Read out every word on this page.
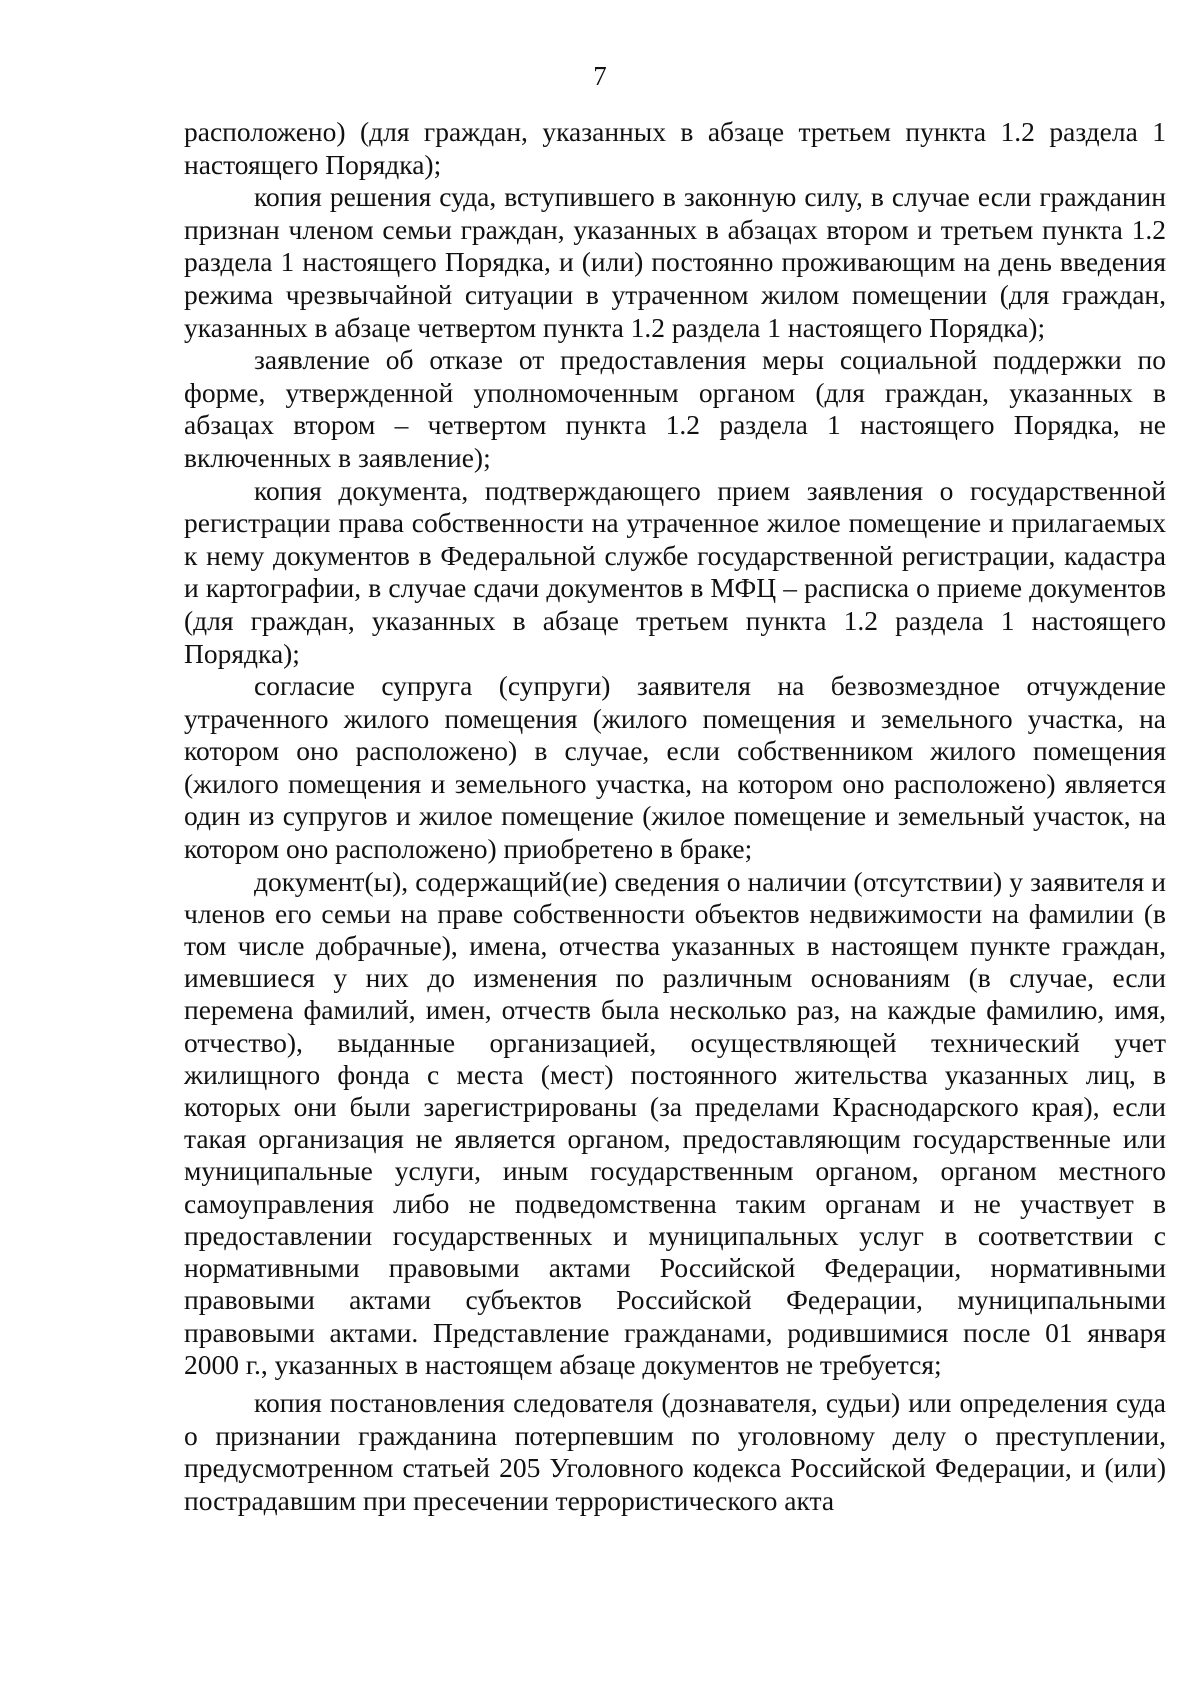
7

расположено) (для граждан, указанных в абзаце третьем пункта 1.2 раздела 1 настоящего Порядка);

копия решения суда, вступившего в законную силу, в случае если гражданин признан членом семьи граждан, указанных в абзацах втором и третьем пункта 1.2 раздела 1 настоящего Порядка, и (или) постоянно проживающим на день введения режима чрезвычайной ситуации в утраченном жилом помещении (для граждан, указанных в абзаце четвертом пункта 1.2 раздела 1 настоящего Порядка);

заявление об отказе от предоставления меры социальной поддержки по форме, утвержденной уполномоченным органом (для граждан, указанных в абзацах втором – четвертом пункта 1.2 раздела 1 настоящего Порядка, не включенных в заявление);

копия документа, подтверждающего прием заявления о государственной регистрации права собственности на утраченное жилое помещение и прилагаемых к нему документов в Федеральной службе государственной регистрации, кадастра и картографии, в случае сдачи документов в МФЦ – расписка о приеме документов (для граждан, указанных в абзаце третьем пункта 1.2 раздела 1 настоящего Порядка);

согласие супруга (супруги) заявителя на безвозмездное отчуждение утраченного жилого помещения (жилого помещения и земельного участка, на котором оно расположено) в случае, если собственником жилого помещения (жилого помещения и земельного участка, на котором оно расположено) является один из супругов и жилое помещение (жилое помещение и земельный участок, на котором оно расположено) приобретено в браке;

документ(ы), содержащий(ие) сведения о наличии (отсутствии) у заявителя и членов его семьи на праве собственности объектов недвижимости на фамилии (в том числе добрачные), имена, отчества указанных в настоящем пункте граждан, имевшиеся у них до изменения по различным основаниям (в случае, если перемена фамилий, имен, отчеств была несколько раз, на каждые фамилию, имя, отчество), выданные организацией, осуществляющей технический учет жилищного фонда с места (мест) постоянного жительства указанных лиц, в которых они были зарегистрированы (за пределами Краснодарского края), если такая организация не является органом, предоставляющим государственные или муниципальные услуги, иным государственным органом, органом местного самоуправления либо не подведомственна таким органам и не участвует в предоставлении государственных и муниципальных услуг в соответствии с нормативными правовыми актами Российской Федерации, нормативными правовыми актами субъектов Российской Федерации, муниципальными правовыми актами. Представление гражданами, родившимися после 01 января 2000 г., указанных в настоящем абзаце документов не требуется;

копия постановления следователя (дознавателя, судьи) или определения суда о признании гражданина потерпевшим по уголовному делу о преступлении, предусмотренном статьей 205 Уголовного кодекса Российской Федерации, и (или) пострадавшим при пресечении террористического акта
